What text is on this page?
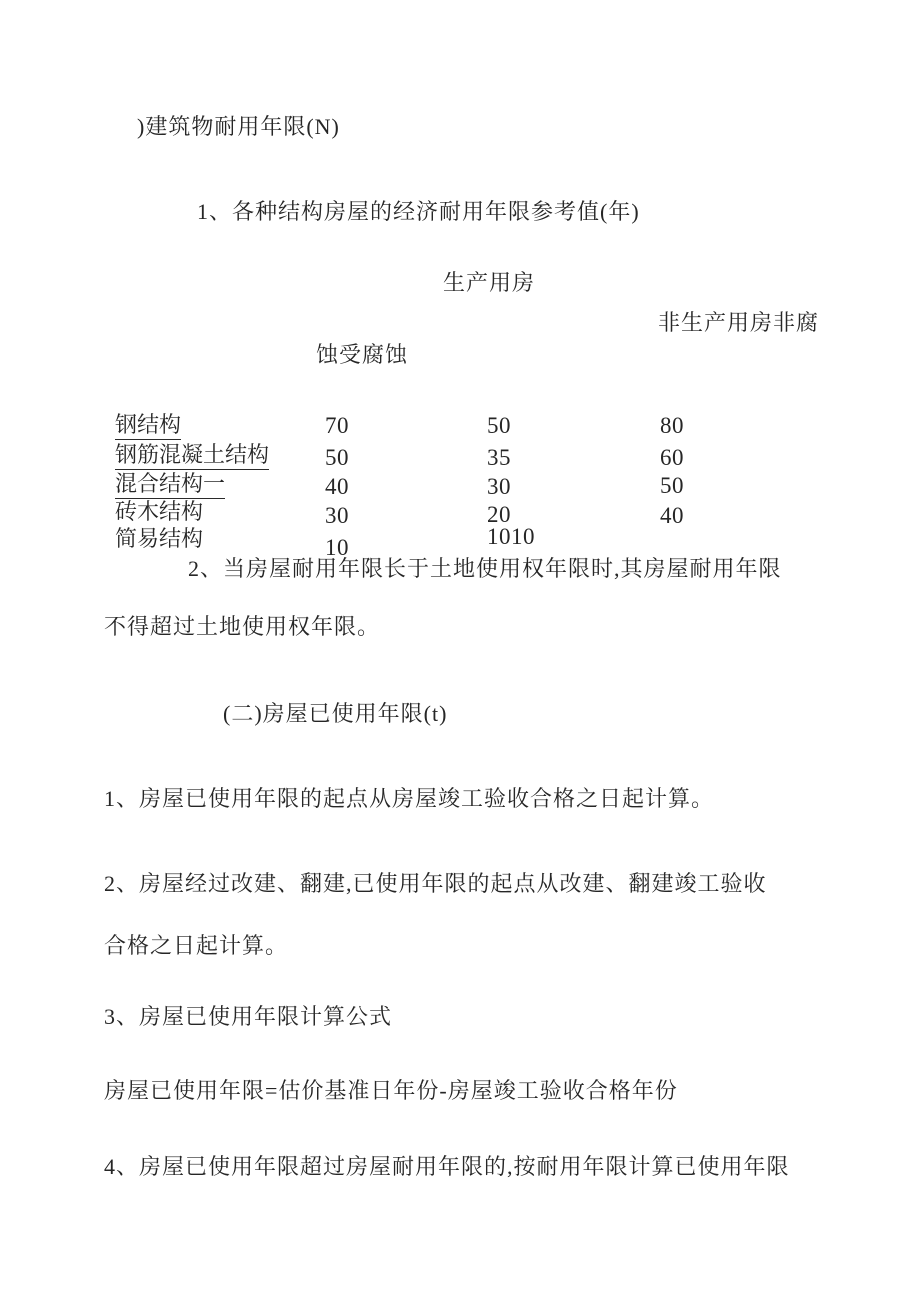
)建筑物耐用年限(N)
1、各种结构房屋的经济耐用年限参考值(年)
生产用房
非生产用房非腐
蚀受腐蚀
钢结构
钢筋混凝土结构
混合结构一
砖木结构
简易结构
70
50
40
30
10
50
35
30
20
1010
80
60
50
40
2、当房屋耐用年限长于土地使用权年限时,其房屋耐用年限
不得超过土地使用权年限。
(二)房屋已使用年限(t)
1、房屋已使用年限的起点从房屋竣工验收合格之日起计算。
2、房屋经过改建、翻建,已使用年限的起点从改建、翻建竣工验收
合格之日起计算。
3、房屋已使用年限计算公式
房屋已使用年限=估价基准日年份-房屋竣工验收合格年份
4、房屋已使用年限超过房屋耐用年限的,按耐用年限计算已使用年限
